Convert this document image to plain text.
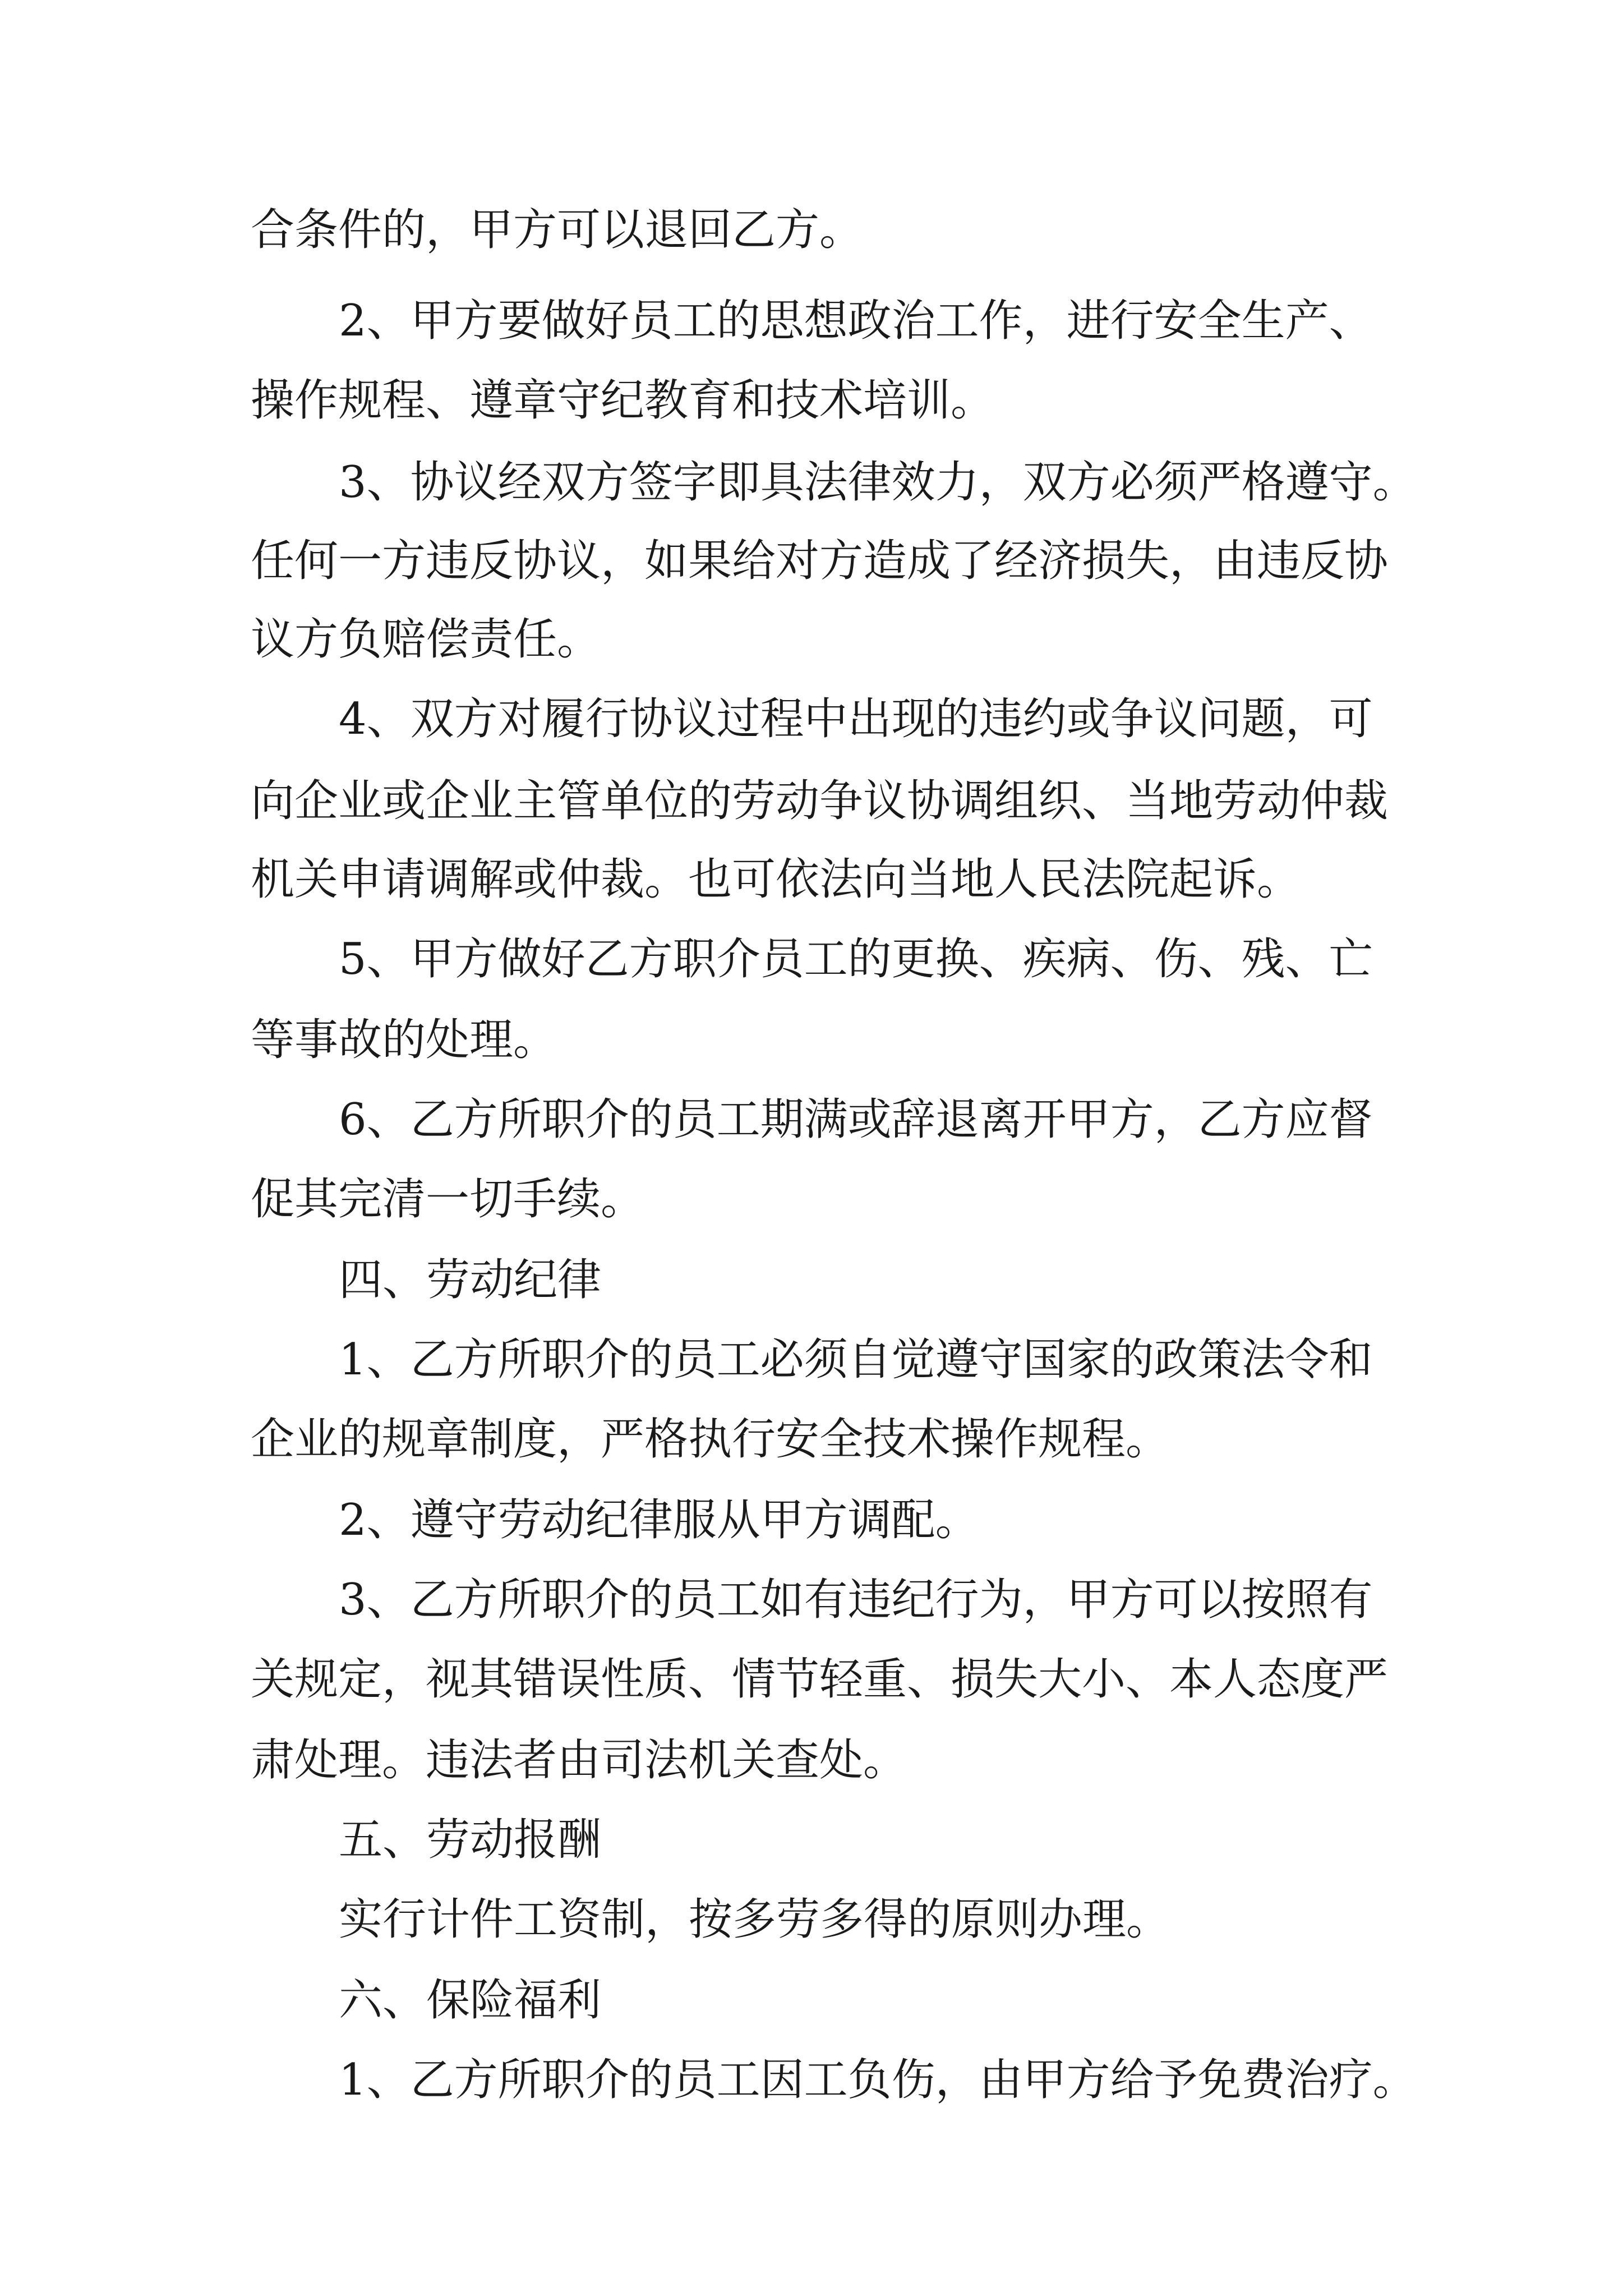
合条件的，甲方可以退回乙方。
2、甲方要做好员工的思想政治工作，进行安全生产、
操作规程、遵章守纪教育和技术培训。
3、协议经双方签字即具法律效力，双方必须严格遵守。
任何一方违反协议，如果给对方造成了经济损失，由违反协
议方负赔偿责任。
4、双方对履行协议过程中出现的违约或争议问题，可
向企业或企业主管单位的劳动争议协调组织、当地劳动仲裁
机关申请调解或仲裁。也可依法向当地人民法院起诉。
5、甲方做好乙方职介员工的更换、疾病、伤、残、亡
等事故的处理。
6、乙方所职介的员工期满或辞退离开甲方，乙方应督
促其完清一切手续。
四、劳动纪律
1、乙方所职介的员工必须自觉遵守国家的政策法令和
企业的规章制度，严格执行安全技术操作规程。
2、遵守劳动纪律服从甲方调配。
3、乙方所职介的员工如有违纪行为，甲方可以按照有
关规定，视其错误性质、情节轻重、损失大小、本人态度严
肃处理。违法者由司法机关查处。
五、劳动报酬
实行计件工资制，按多劳多得的原则办理。
六、保险福利
1、乙方所职介的员工因工负伤，由甲方给予免费治疗。
